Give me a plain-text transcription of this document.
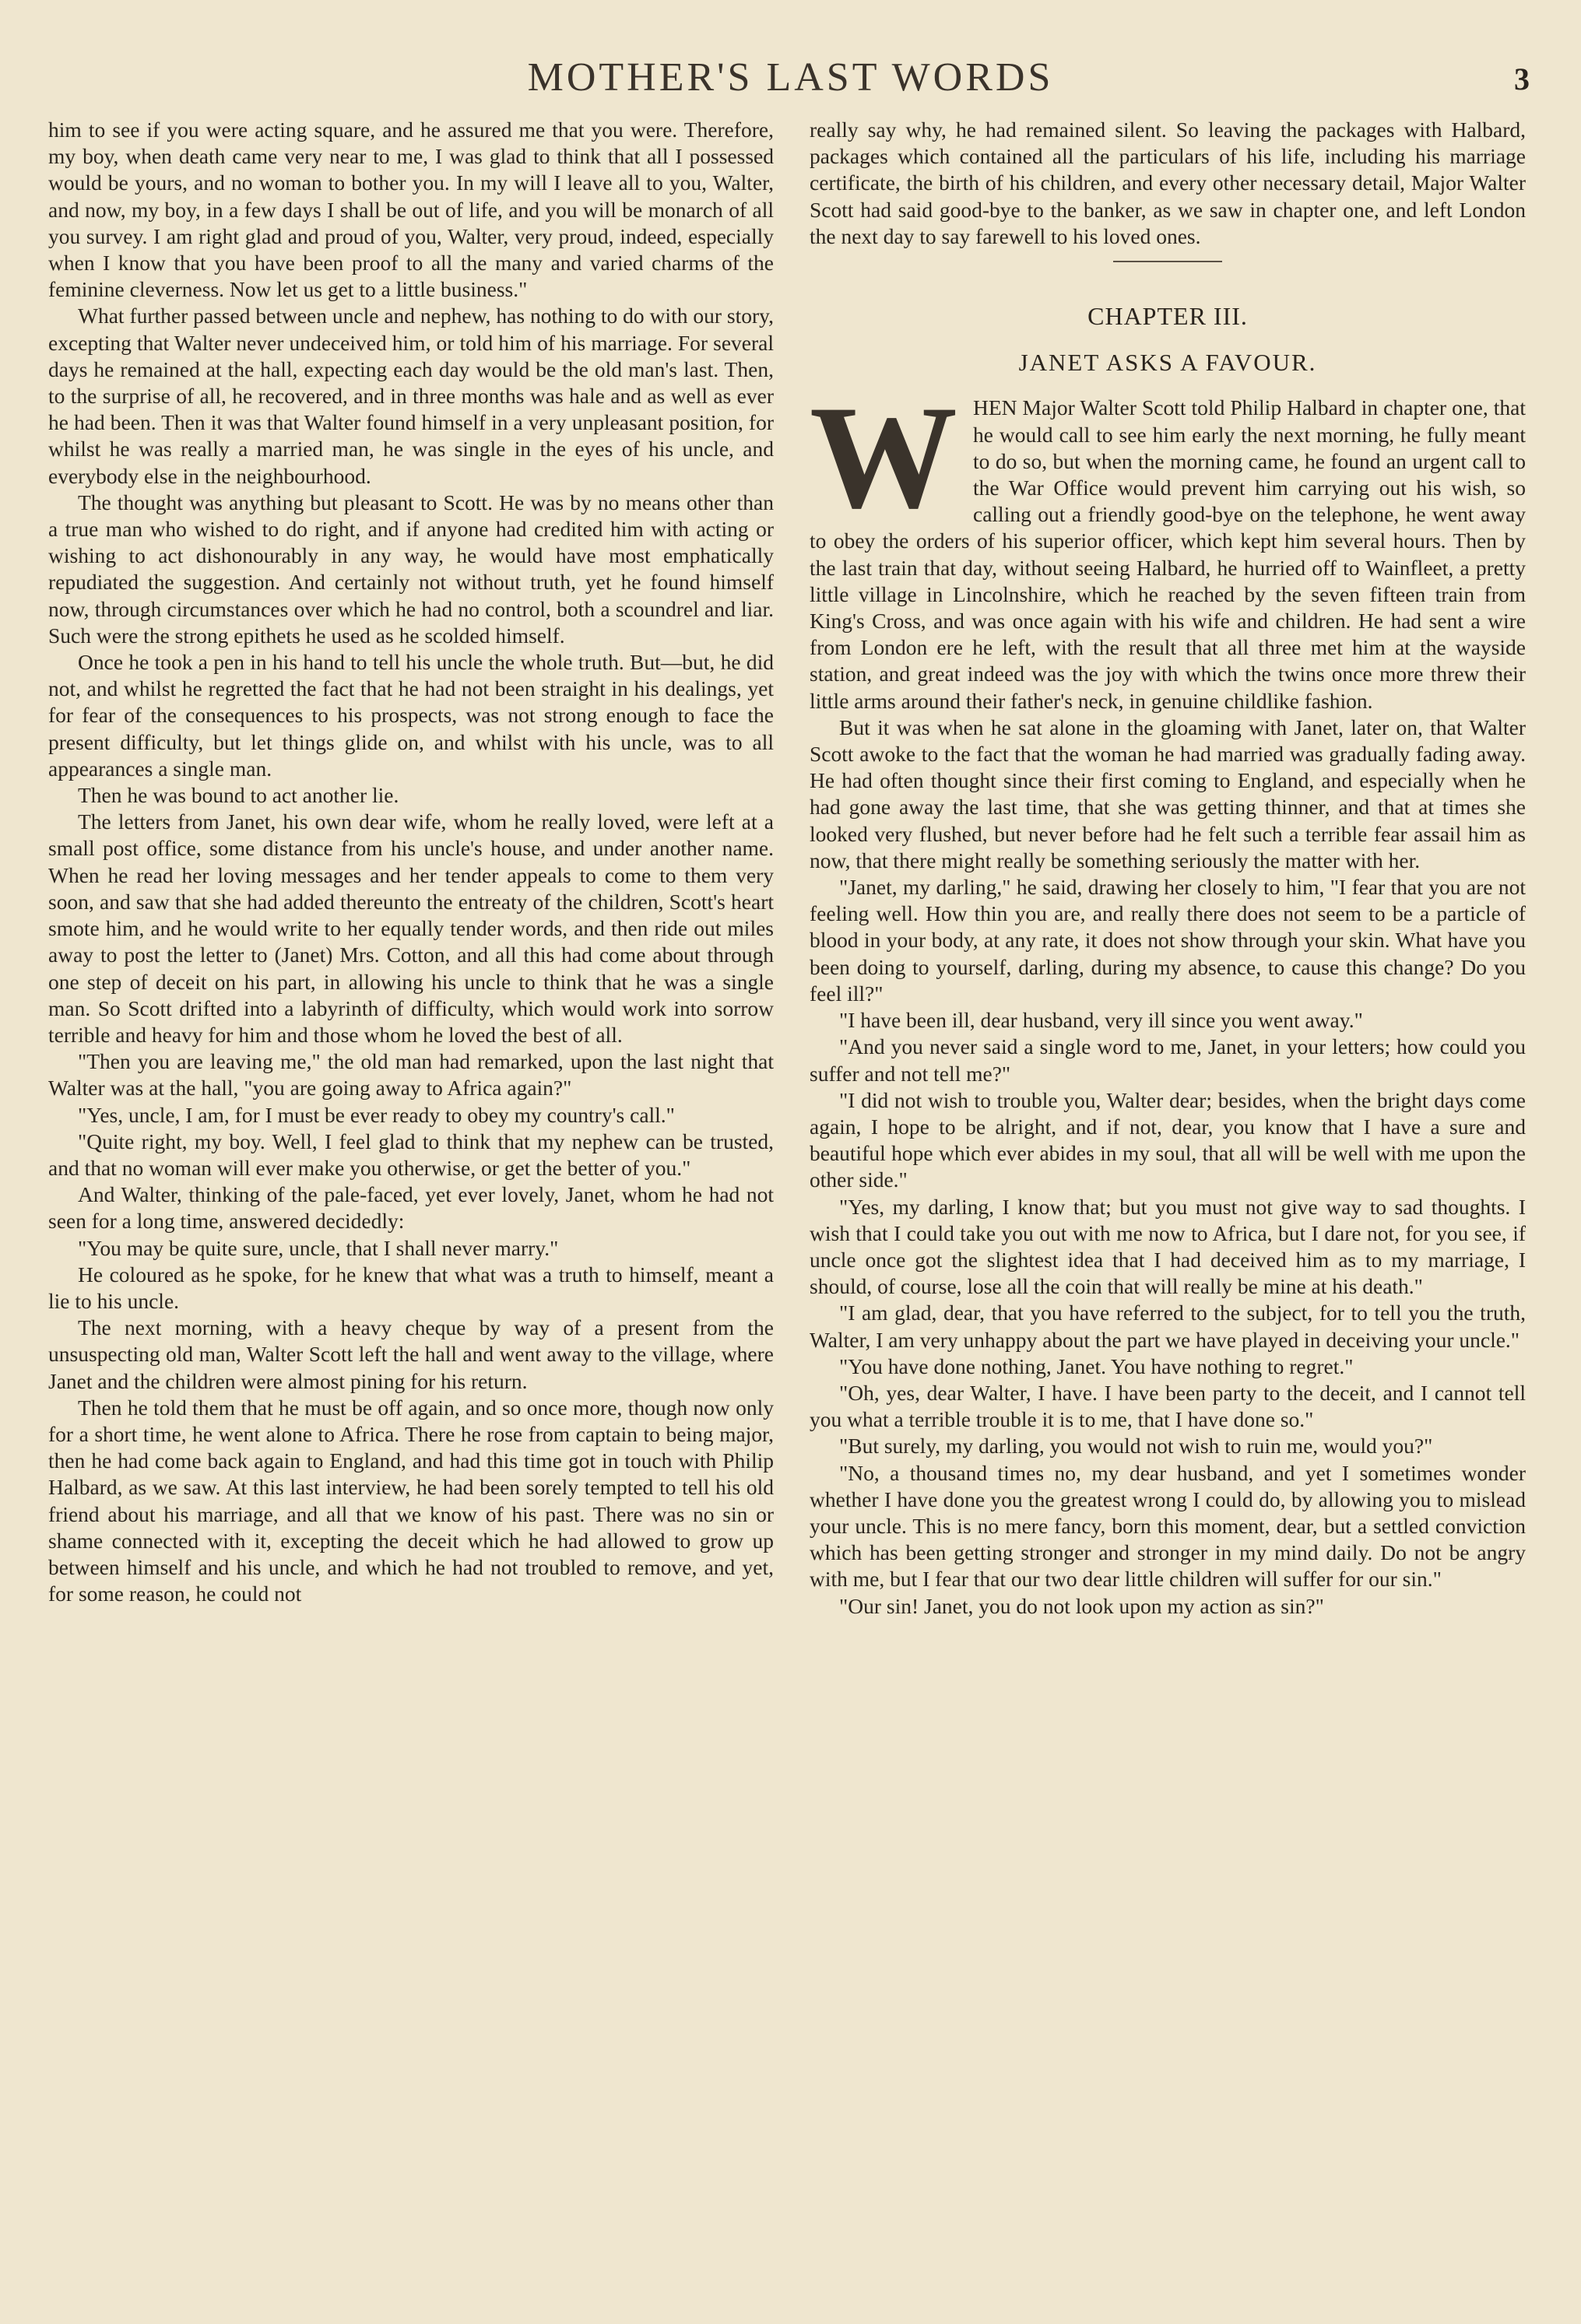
MOTHER'S LAST WORDS	3

him to see if you were acting square, and he assured me that you were. Therefore, my boy, when death came very near to me, I was glad to think that all I possessed would be yours, and no woman to bother you. In my will I leave all to you, Walter, and now, my boy, in a few days I shall be out of life, and you will be monarch of all you survey. I am right glad and proud of you, Walter, very proud, indeed, especially when I know that you have been proof to all the many and varied charms of the feminine cleverness. Now let us get to a little business."

What further passed between uncle and nephew, has nothing to do with our story, excepting that Walter never undeceived him, or told him of his marriage. For several days he remained at the hall, expecting each day would be the old man's last. Then, to the surprise of all, he recovered, and in three months was hale and as well as ever he had been. Then it was that Walter found himself in a very unpleasant position, for whilst he was really a married man, he was single in the eyes of his uncle, and everybody else in the neighbourhood.

The thought was anything but pleasant to Scott. He was by no means other than a true man who wished to do right, and if anyone had credited him with acting or wishing to act dishonourably in any way, he would have most emphatically repudiated the suggestion. And certainly not without truth, yet he found himself now, through circumstances over which he had no control, both a scoundrel and liar. Such were the strong epithets he used as he scolded himself.

Once he took a pen in his hand to tell his uncle the whole truth. But—but, he did not, and whilst he regretted the fact that he had not been straight in his dealings, yet for fear of the consequences to his prospects, was not strong enough to face the present difficulty, but let things glide on, and whilst with his uncle, was to all appearances a single man.

Then he was bound to act another lie.

The letters from Janet, his own dear wife, whom he really loved, were left at a small post office, some distance from his uncle's house, and under another name. When he read her loving messages and her tender appeals to come to them very soon, and saw that she had added thereunto the entreaty of the children, Scott's heart smote him, and he would write to her equally tender words, and then ride out miles away to post the letter to (Janet) Mrs. Cotton, and all this had come about through one step of deceit on his part, in allowing his uncle to think that he was a single man. So Scott drifted into a labyrinth of difficulty, which would work into sorrow terrible and heavy for him and those whom he loved the best of all.

"Then you are leaving me," the old man had remarked, upon the last night that Walter was at the hall, "you are going away to Africa again?"

"Yes, uncle, I am, for I must be ever ready to obey my country's call."

"Quite right, my boy. Well, I feel glad to think that my nephew can be trusted, and that no woman will ever make you otherwise, or get the better of you."

And Walter, thinking of the pale-faced, yet ever lovely, Janet, whom he had not seen for a long time, answered decidedly:

"You may be quite sure, uncle, that I shall never marry."

He coloured as he spoke, for he knew that what was a truth to himself, meant a lie to his uncle.

The next morning, with a heavy cheque by way of a present from the unsuspecting old man, Walter Scott left the hall and went away to the village, where Janet and the children were almost pining for his return.

Then he told them that he must be off again, and so once more, though now only for a short time, he went alone to Africa. There he rose from captain to being major, then he had come back again to England, and had this time got in touch with Philip Halbard, as we saw. At this last interview, he had been sorely tempted to tell his old friend about his marriage, and all that we know of his past. There was no sin or shame connected with it, excepting the deceit which he had allowed to grow up between himself and his uncle, and which he had not troubled to remove, and yet, for some reason, he could not

really say why, he had remained silent. So leaving the packages with Halbard, packages which contained all the particulars of his life, including his marriage certificate, the birth of his children, and every other necessary detail, Major Walter Scott had said good-bye to the banker, as we saw in chapter one, and left London the next day to say farewell to his loved ones.

CHAPTER III.
JANET ASKS A FAVOUR.

WHEN Major Walter Scott told Philip Halbard in chapter one, that he would call to see him early the next morning, he fully meant to do so, but when the morning came, he found an urgent call to the War Office would prevent him carrying out his wish, so calling out a friendly good-bye on the telephone, he went away to obey the orders of his superior officer, which kept him several hours. Then by the last train that day, without seeing Halbard, he hurried off to Wainfleet, a pretty little village in Lincolnshire, which he reached by the seven fifteen train from King's Cross, and was once again with his wife and children. He had sent a wire from London ere he left, with the result that all three met him at the wayside station, and great indeed was the joy with which the twins once more threw their little arms around their father's neck, in genuine childlike fashion.

But it was when he sat alone in the gloaming with Janet, later on, that Walter Scott awoke to the fact that the woman he had married was gradually fading away. He had often thought since their first coming to England, and especially when he had gone away the last time, that she was getting thinner, and that at times she looked very flushed, but never before had he felt such a terrible fear assail him as now, that there might really be something seriously the matter with her.

"Janet, my darling," he said, drawing her closely to him, "I fear that you are not feeling well. How thin you are, and really there does not seem to be a particle of blood in your body, at any rate, it does not show through your skin. What have you been doing to yourself, darling, during my absence, to cause this change? Do you feel ill?"

"I have been ill, dear husband, very ill since you went away."

"And you never said a single word to me, Janet, in your letters; how could you suffer and not tell me?"

"I did not wish to trouble you, Walter dear; besides, when the bright days come again, I hope to be alright, and if not, dear, you know that I have a sure and beautiful hope which ever abides in my soul, that all will be well with me upon the other side."

"Yes, my darling, I know that; but you must not give way to sad thoughts. I wish that I could take you out with me now to Africa, but I dare not, for you see, if uncle once got the slightest idea that I had deceived him as to my marriage, I should, of course, lose all the coin that will really be mine at his death."

"I am glad, dear, that you have referred to the subject, for to tell you the truth, Walter, I am very unhappy about the part we have played in deceiving your uncle."

"You have done nothing, Janet. You have nothing to regret."

"Oh, yes, dear Walter, I have. I have been party to the deceit, and I cannot tell you what a terrible trouble it is to me, that I have done so."

"But surely, my darling, you would not wish to ruin me, would you?"

"No, a thousand times no, my dear husband, and yet I sometimes wonder whether I have done you the greatest wrong I could do, by allowing you to mislead your uncle. This is no mere fancy, born this moment, dear, but a settled conviction which has been getting stronger and stronger in my mind daily. Do not be angry with me, but I fear that our two dear little children will suffer for our sin."

"Our sin! Janet, you do not look upon my action as sin?"
